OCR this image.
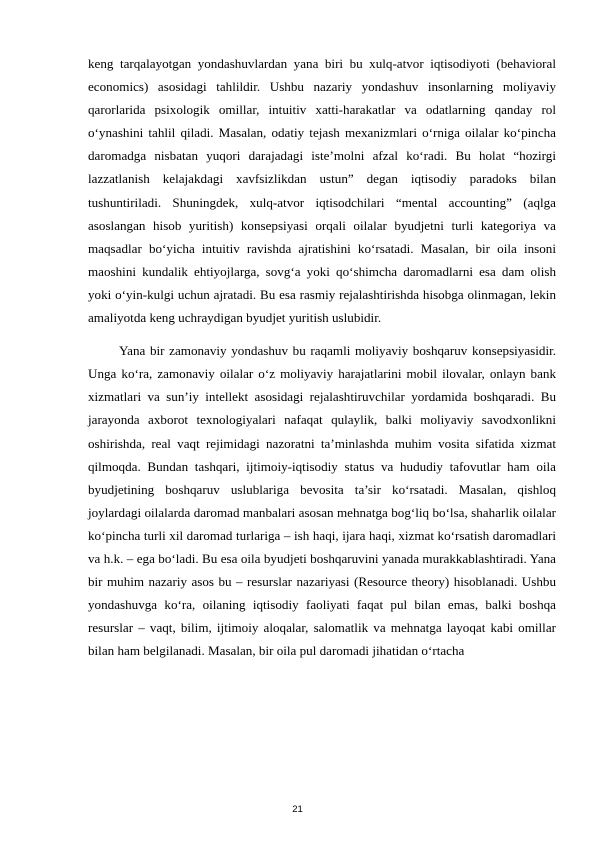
keng tarqalayotgan yondashuvlardan yana biri bu xulq-atvor iqtisodiyoti (behavioral economics) asosidagi tahlildir. Ushbu nazariy yondashuv insonlarning moliyaviy qarorlarida psixologik omillar, intuitiv xatti-harakatlar va odatlarning qanday rol o‘ynashini tahlil qiladi. Masalan, odatiy tejash mexanizmlari o‘rniga oilalar ko‘pincha daromadga nisbatan yuqori darajadagi iste’molni afzal ko‘radi. Bu holat “hozirgi lazzatlanish kelajakdagi xavfsizlikdan ustun” degan iqtisodiy paradoks bilan tushuntiriladi. Shuningdek, xulq-atvor iqtisodchilari “mental accounting” (aqlga asoslangan hisob yuritish) konsepsiyasi orqali oilalar byudjetni turli kategoriya va maqsadlar bo‘yicha intuitiv ravishda ajratishini ko‘rsatadi. Masalan, bir oila insoni maoshini kundalik ehtiyojlarga, sovg‘a yoki qo‘shimcha daromadlarni esa dam olish yoki o‘yin-kulgi uchun ajratadi. Bu esa rasmiy rejalashtirishda hisobga olinmagan, lekin amaliyotda keng uchraydigan byudjet yuritish uslubidir.

Yana bir zamonaviy yondashuv bu raqamli moliyaviy boshqaruv konsepsiyasidir. Unga ko‘ra, zamonaviy oilalar o‘z moliyaviy harajatlarini mobil ilovalar, onlayn bank xizmatlari va sun’iy intellekt asosidagi rejalashtiruvchilar yordamida boshqaradi. Bu jarayonda axborot texnologiyalari nafaqat qulaylik, balki moliyaviy savodxonlikni oshirishda, real vaqt rejimidagi nazoratni ta’minlashda muhim vosita sifatida xizmat qilmoqda. Bundan tashqari, ijtimoiy-iqtisodiy status va hududiy tafovutlar ham oila byudjetining boshqaruv uslublariga bevosita ta’sir ko‘rsatadi. Masalan, qishloq joylardagi oilalarda daromad manbalari asosan mehnatga bog‘liq bo‘lsa, shaharlik oilalar ko‘pincha turli xil daromad turlariga – ish haqi, ijara haqi, xizmat ko‘rsatish daromadlari va h.k. – ega bo‘ladi. Bu esa oila byudjeti boshqaruvini yanada murakkablashtiradi. Yana bir muhim nazariy asos bu – resurslar nazariyasi (Resource theory) hisoblanadi. Ushbu yondashuvga ko‘ra, oilaning iqtisodiy faoliyati faqat pul bilan emas, balki boshqa resurslar – vaqt, bilim, ijtimoiy aloqalar, salomatlik va mehnatga layoqat kabi omillar bilan ham belgilanadi. Masalan, bir oila pul daromadi jihatidan o‘rtacha

21
